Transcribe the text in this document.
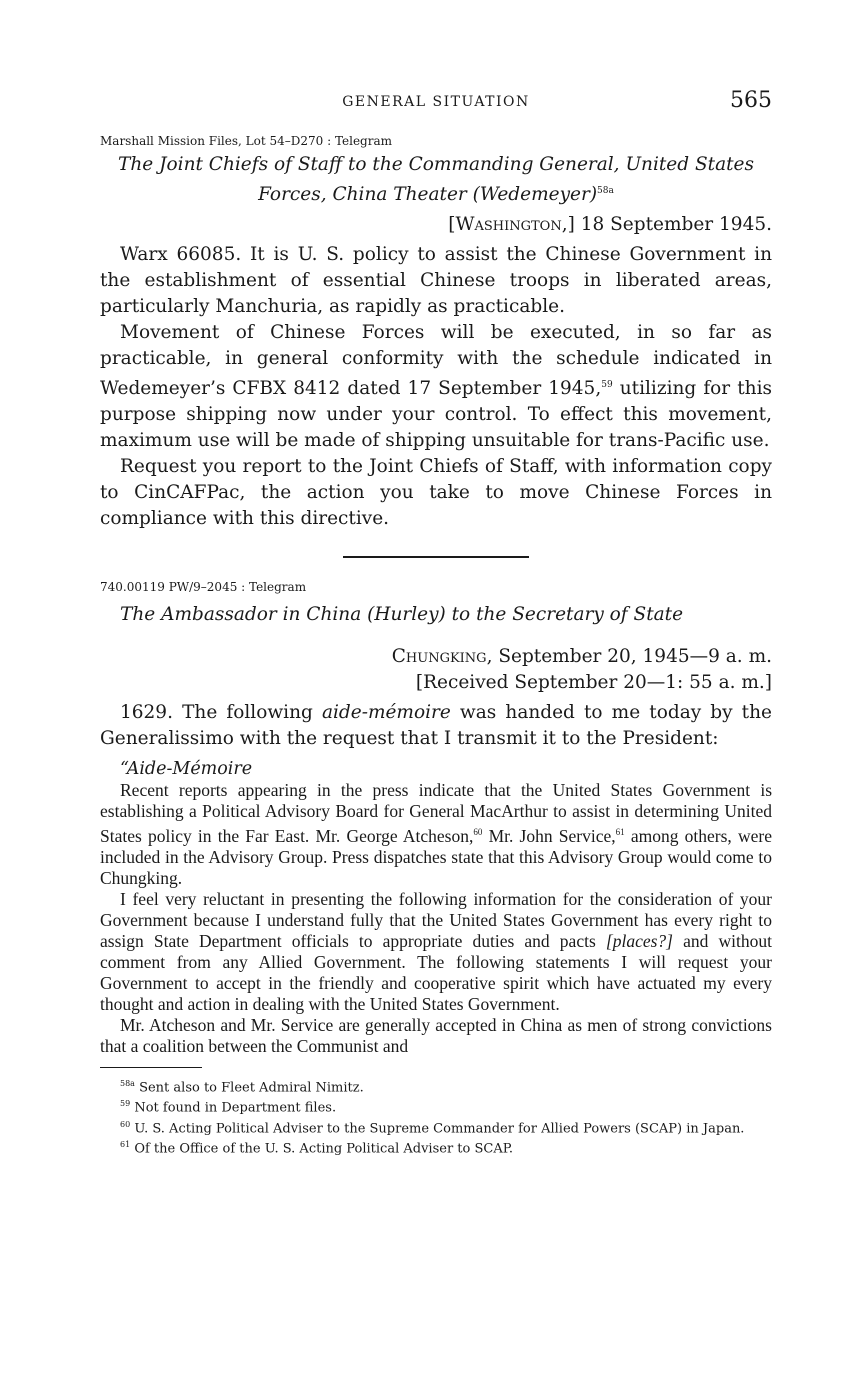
GENERAL SITUATION	565
Marshall Mission Files, Lot 54–D270 : Telegram
The Joint Chiefs of Staff to the Commanding General, United States Forces, China Theater (Wedemeyer)$^{58a}$
[Washington,] 18 September 1945.

Warx 66085. It is U. S. policy to assist the Chinese Government in the establishment of essential Chinese troops in liberated areas, particularly Manchuria, as rapidly as practicable.

Movement of Chinese Forces will be executed, in so far as practicable, in general conformity with the schedule indicated in Wedemeyer’s CFBX 8412 dated 17 September 1945,59 utilizing for this purpose shipping now under your control. To effect this movement, maximum use will be made of shipping unsuitable for trans-Pacific use.

Request you report to the Joint Chiefs of Staff, with information copy to CinCAFPac, the action you take to move Chinese Forces in compliance with this directive.

740.00119 PW/9–2045 : Telegram
The Ambassador in China (Hurley) to the Secretary of State
Chungking, September 20, 1945—9 a. m.
[Received September 20—1: 55 a. m.]

1629. The following aide-mémoire was handed to me today by the Generalissimo with the request that I transmit it to the President:

“Aide-Mémoire

Recent reports appearing in the press indicate that the United States Government is establishing a Political Advisory Board for General MacArthur to assist in determining United States policy in the Far East. Mr. George Atcheson,$^{60}$ Mr. John Service,$^{61}$ among others, were included in the Advisory Group. Press dispatches state that this Advisory Group would come to Chungking.

I feel very reluctant in presenting the following information for the consideration of your Government because I understand fully that the United States Government has every right to assign State Department officials to appropriate duties and pacts [places?] and without comment from any Allied Government. The following statements I will request your Government to accept in the friendly and cooperative spirit which have actuated my every thought and action in dealing with the United States Government.

Mr. Atcheson and Mr. Service are generally accepted in China as men of strong convictions that a coalition between the Communist and

$^{58a}$ Sent also to Fleet Admiral Nimitz.

$^{59}$ Not found in Department files.

$^{60}$ U. S. Acting Political Adviser to the Supreme Commander for Allied Powers (SCAP) in Japan.

$^{61}$ Of the Office of the U. S. Acting Political Adviser to SCAP.
